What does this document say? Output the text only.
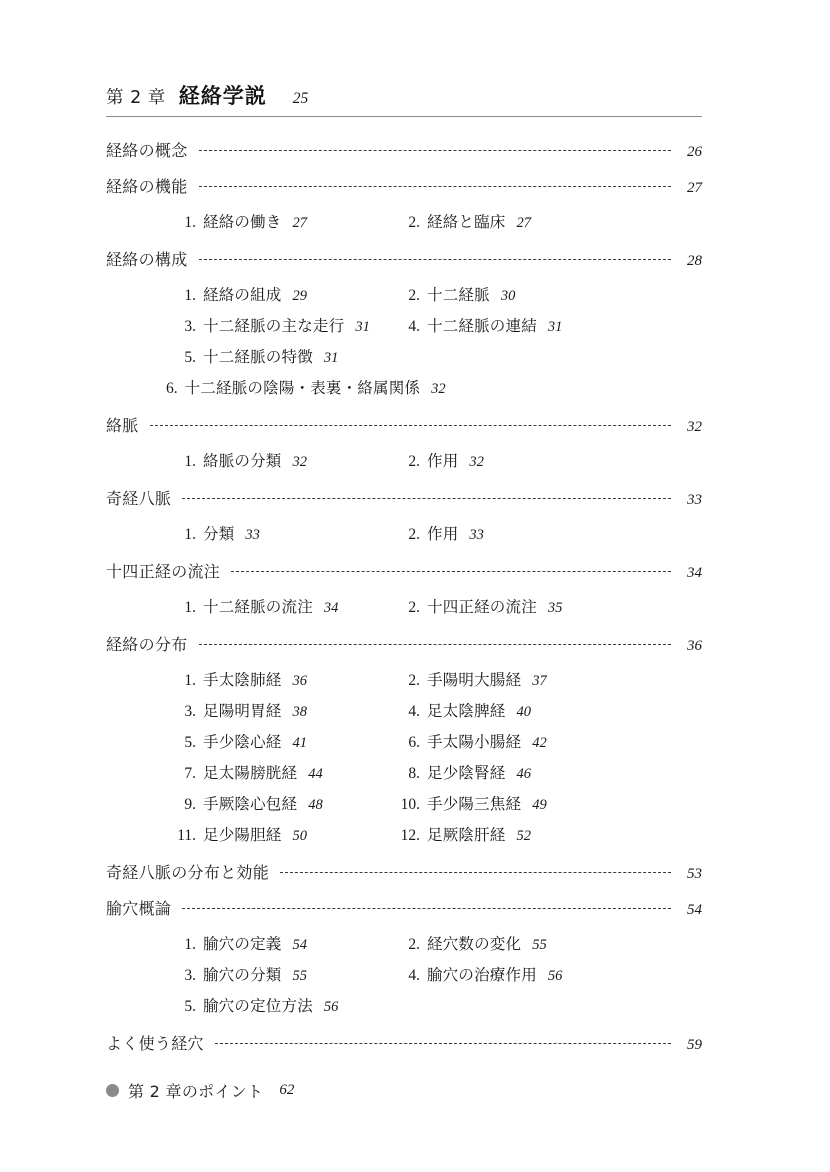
第 2 章 経絡学説 25
経絡の概念	26
経絡の機能	27
1. 経絡の働き 27	2. 経絡と臨床 27
経絡の構成	28
1. 経絡の組成 29	2. 十二経脈 30
3. 十二経脈の主な走行 31	4. 十二経脈の連結 31
5. 十二経脈の特徴 31
6. 十二経脈の陰陽・表裏・絡属関係 32
絡脈	32
1. 絡脈の分類 32	2. 作用 32
奇経八脈	33
1. 分類 33	2. 作用 33
十四正経の流注	34
1. 十二経脈の流注 34	2. 十四正経の流注 35
経絡の分布	36
1. 手太陰肺経 36	2. 手陽明大腸経 37
3. 足陽明胃経 38	4. 足太陰脾経 40
5. 手少陰心経 41	6. 手太陽小腸経 42
7. 足太陽膀胱経 44	8. 足少陰腎経 46
9. 手厥陰心包経 48	10. 手少陽三焦経 49
11. 足少陽胆経 50	12. 足厥陰肝経 52
奇経八脈の分布と効能	53
腧穴概論	54
1. 腧穴の定義 54	2. 経穴数の変化 55
3. 腧穴の分類 55	4. 腧穴の治療作用 56
5. 腧穴の定位方法 56
よく使う経穴	59
第 2 章のポイント 62
